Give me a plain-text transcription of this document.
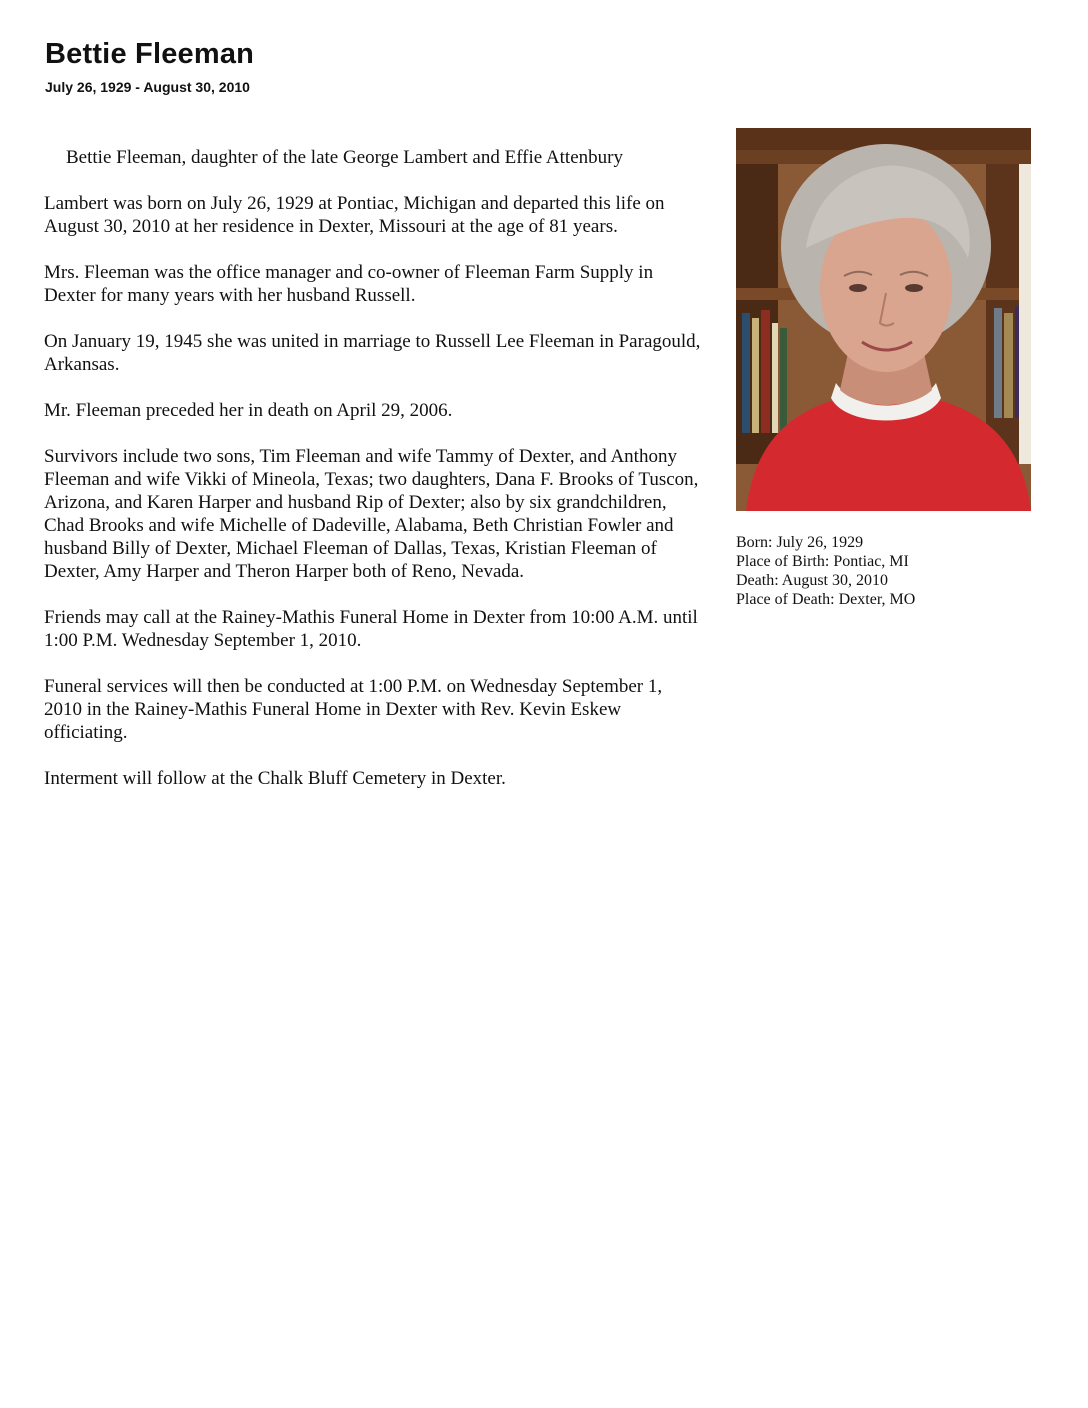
Bettie Fleeman
July 26, 1929 - August 30, 2010

Bettie Fleeman, daughter of the late George Lambert and Effie Attenbury

Lambert was born on July 26, 1929 at Pontiac, Michigan and departed this life on August 30, 2010 at her residence in Dexter, Missouri at the age of 81 years.

Mrs. Fleeman was the office manager and co-owner of Fleeman Farm Supply in Dexter for many years with her husband Russell.

On January 19, 1945 she was united in marriage to Russell Lee Fleeman in Paragould, Arkansas.

Mr. Fleeman preceded her in death on April 29, 2006.

Survivors include two sons, Tim Fleeman and wife Tammy of Dexter, and Anthony Fleeman and wife Vikki of Mineola, Texas; two daughters, Dana F. Brooks of Tuscon, Arizona, and Karen Harper and husband Rip of Dexter; also by six grandchildren, Chad Brooks and wife Michelle of Dadeville, Alabama, Beth Christian Fowler and husband Billy of Dexter, Michael Fleeman of Dallas, Texas, Kristian Fleeman of Dexter, Amy Harper and Theron Harper both of Reno, Nevada.

Friends may call at the Rainey-Mathis Funeral Home in Dexter from 10:00 A.M. until 1:00 P.M. Wednesday September 1, 2010.

Funeral services will then be conducted at 1:00 P.M. on Wednesday September 1, 2010 in the Rainey-Mathis Funeral Home in Dexter with Rev. Kevin Eskew officiating.

Interment will follow at the Chalk Bluff Cemetery in Dexter.

Born: July 26, 1929
Place of Birth: Pontiac, MI
Death: August 30, 2010
Place of Death: Dexter, MO
